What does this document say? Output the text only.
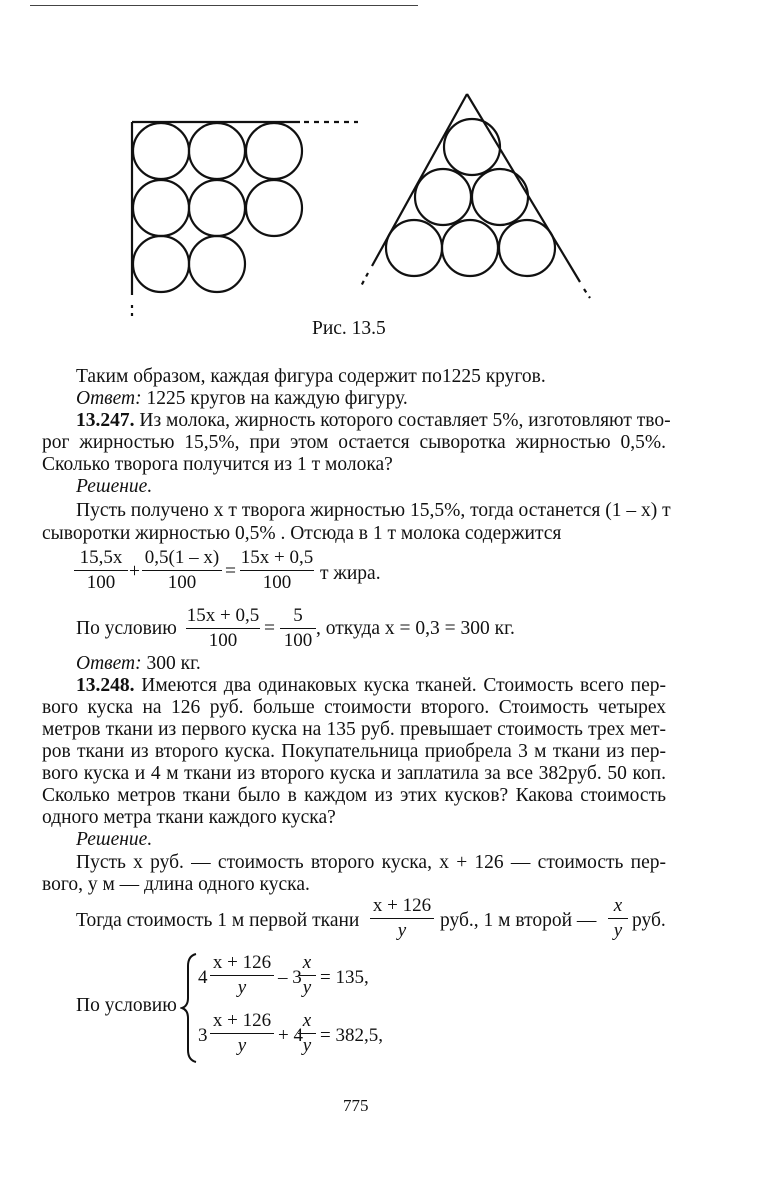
Рис. 13.5
Таким образом, каждая фигура содержит по1225 кругов.
Ответ: 1225 кругов на каждую фигуру.
13.247. Из молока, жирность которого составляет 5%, изготовляют тво-
рог жирностью 15,5%, при этом остается сыворотка жирностью 0,5%.
Сколько творога получится из 1 т молока?
Решение.
Пусть получено x т творога жирностью 15,5%, тогда останется (1 – x) т
сыворотки жирностью 0,5% . Отсюда в 1 т молока содержится
15,5x
100
+
0,5(1 – x)
100
=
15x + 0,5
100	т жира.
По условию
15x + 0,5
100
=
5
100
, откуда x = 0,3 = 300 кг.
Ответ: 300 кг.
13.248. Имеются два одинаковых куска тканей. Стоимость всего пер-
вого куска на 126 руб. больше стоимости второго. Стоимость четырех
метров ткани из первого куска на 135 руб. превышает стоимость трех мет-
ров ткани из второго куска. Покупательница приобрела 3 м ткани из пер-
вого куска и 4 м ткани из второго куска и заплатила за все 382руб. 50 коп.
Сколько метров ткани было в каждом из этих кусков? Какова стоимость
одного метра ткани каждого куска?
Решение.
Пусть x руб. — стоимость второго куска, x + 126 — стоимость пер-
вого, y м — длина одного куска.
Тогда стоимость 1 м первой ткани
x + 126
y	руб., 1 м второй —
x
y руб.
По условию
4
x + 126
y	– 3
x
y = 135,
3
x + 126
y	+ 4
x
y = 382,5,
775
